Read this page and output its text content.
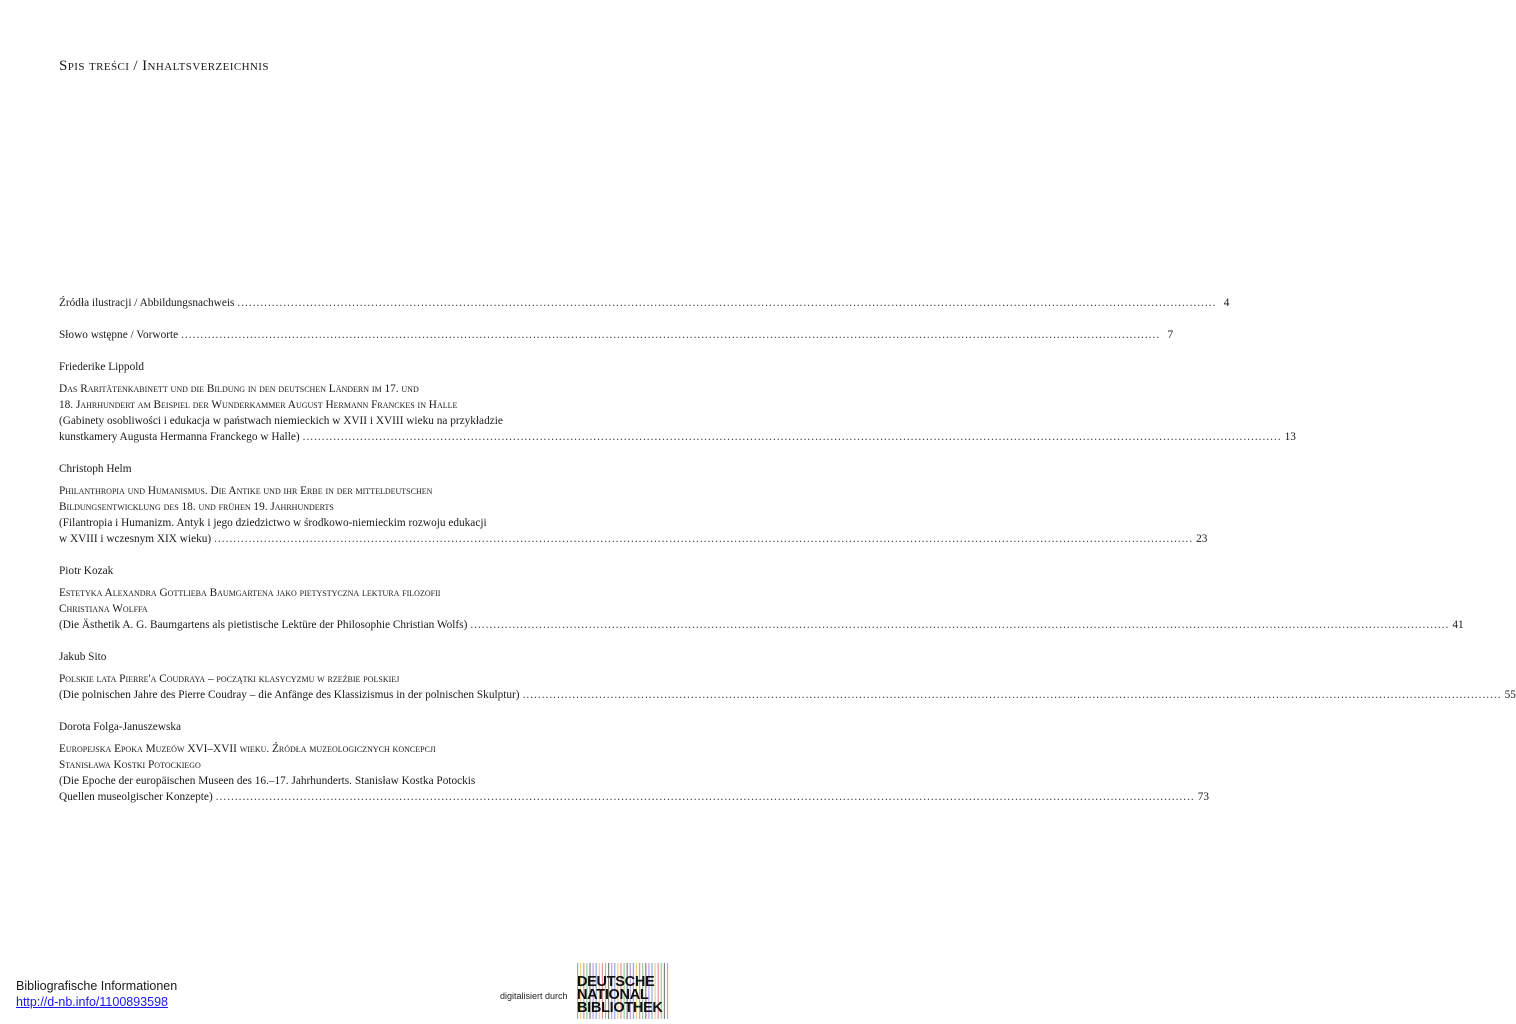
Spis treści / Inhaltsverzeichnis
Źródła ilustracji / Abbildungsnachweis .....	4
Słowo wstępne / Vorworte .....	7
Friederike Lippold
Das Raritätenkabinett und die Bildung in den deutschen Ländern im 17. und
18. Jahrhundert am Beispiel der Wunderkammer August Hermann Franckes in Halle
(Gabinety osobliwości i edukacja w państwach niemieckich w XVII i XVIII wieku na przykładzie
kunstkamery Augusta Hermanna Franckego w Halle) .....	13
Christoph Helm
Philanthropia und Humanismus. Die Antike und ihr Erbe in der mitteldeutschen
Bildungsentwicklung des 18. und frühen 19. Jahrhunderts
(Filantropia i Humanizm. Antyk i jego dziedzictwo w środkowo-niemieckim rozwoju edukacji
w XVIII i wczesnym XIX wieku) .....	23
Piotr Kozak
Estetyka Alexandra Gottlieba Baumgartena jako pietystyczna lektura filozofii
Christiana Wolffa
(Die Ästhetik A. G. Baumgartens als pietistische Lektüre der Philosophie Christian Wolfs) .....	41
Jakub Sito
Polskie lata Pierre'a Coudraya – początki klasycyzmu w rzeźbie polskiej
(Die polnischen Jahre des Pierre Coudray – die Anfänge des Klassizismus in der polnischen Skulptur) .....	55
Dorota Folga-Januszewska
Europejska Epoka Muzeów XVI–XVII wieku. Źródła muzeologicznych koncepcji
Stanisława Kostki Potockiego
(Die Epoche der europäischen Museen des 16.–17. Jahrhunderts. Stanisław Kostka Potockis
Quellen museolgischer Konzepte) .....	73
Bibliografische Informationen
http://d-nb.info/1100893598	digitalisiert durch
DEUTSCHE
NATIONAL
BIBLIOTHEK
